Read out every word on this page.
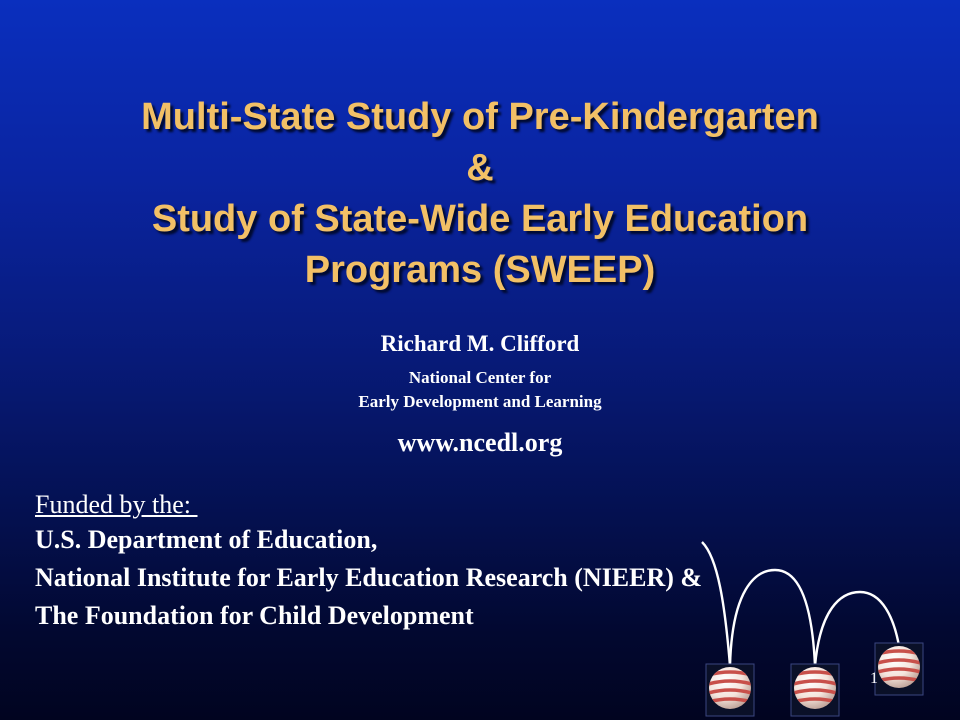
Multi-State Study of Pre-Kindergarten
&
Study of State-Wide Early Education
Programs (SWEEP)
Richard M. Clifford
National Center for
Early Development and Learning
www.ncedl.org
Funded by the:
U.S. Department of Education,
National Institute for Early Education Research (NIEER) &
The Foundation for Child Development
1
